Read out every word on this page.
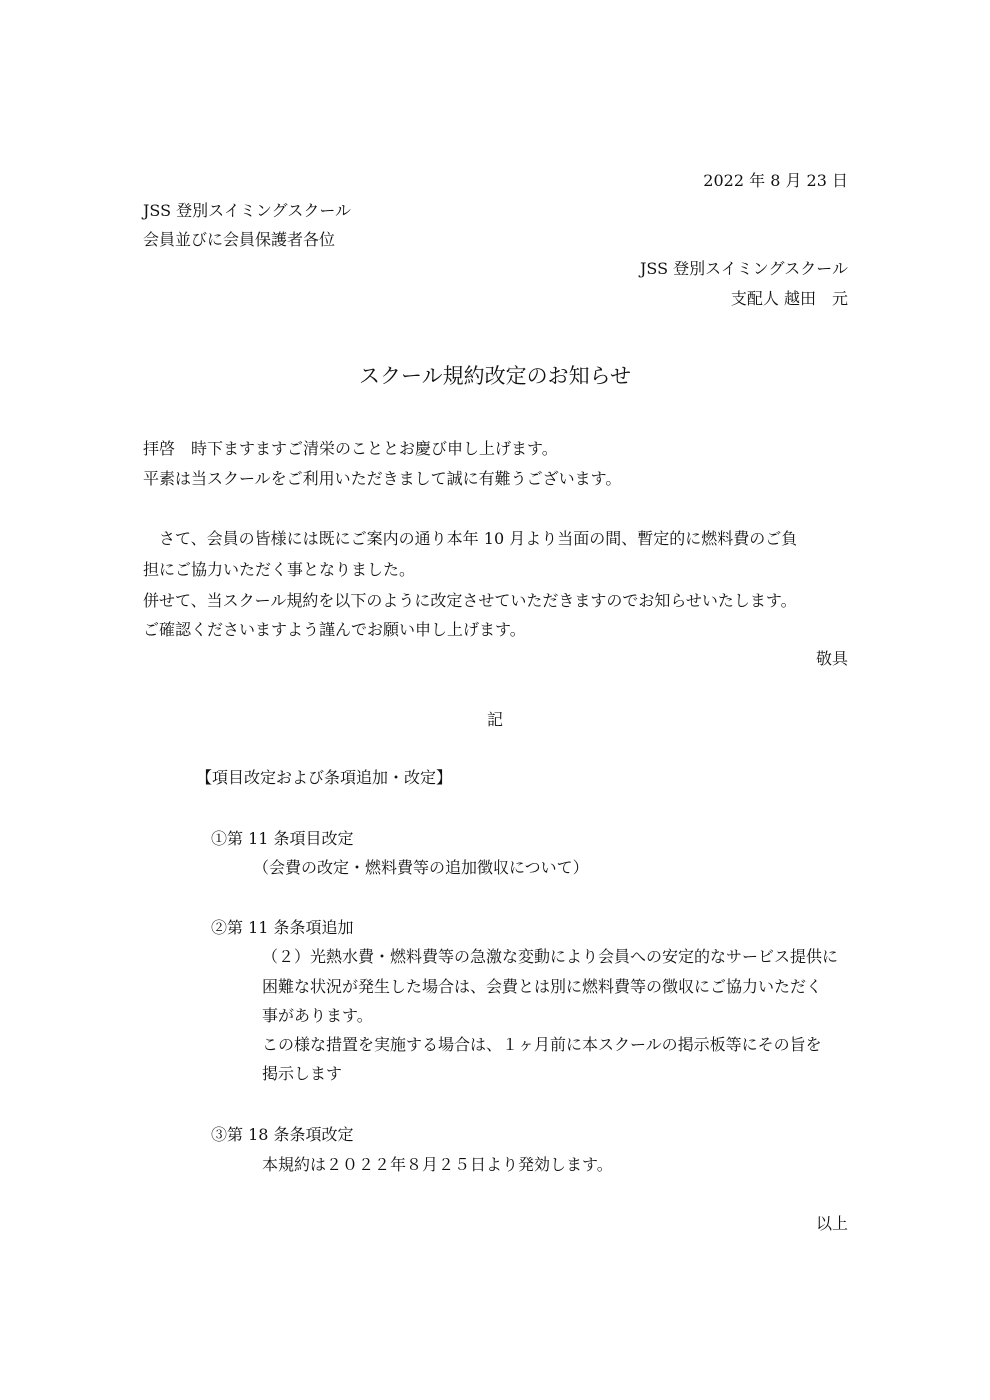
2022 年 8 月 23 日
JSS 登別スイミングスクール
会員並びに会員保護者各位
JSS 登別スイミングスクール
支配人 越田　元
スクール規約改定のお知らせ
拝啓　時下ますますご清栄のこととお慶び申し上げます。
平素は当スクールをご利用いただきまして誠に有難うございます。
　さて、会員の皆様には既にご案内の通り本年 10 月より当面の間、暫定的に燃料費のご負
担にご協力いただく事となりました。
併せて、当スクール規約を以下のように改定させていただきますのでお知らせいたします。
ご確認くださいますよう謹んでお願い申し上げます。
敬具
記
【項目改定および条項追加・改定】
①第 11 条項目改定
（会費の改定・燃料費等の追加徴収について）
②第 11 条条項追加
（２）光熱水費・燃料費等の急激な変動により会員への安定的なサービス提供に
困難な状況が発生した場合は、会費とは別に燃料費等の徴収にご協力いただく
事があります。
この様な措置を実施する場合は、１ヶ月前に本スクールの掲示板等にその旨を
掲示します
③第 18 条条項改定
本規約は２０２２年８月２５日より発効します。
以上
